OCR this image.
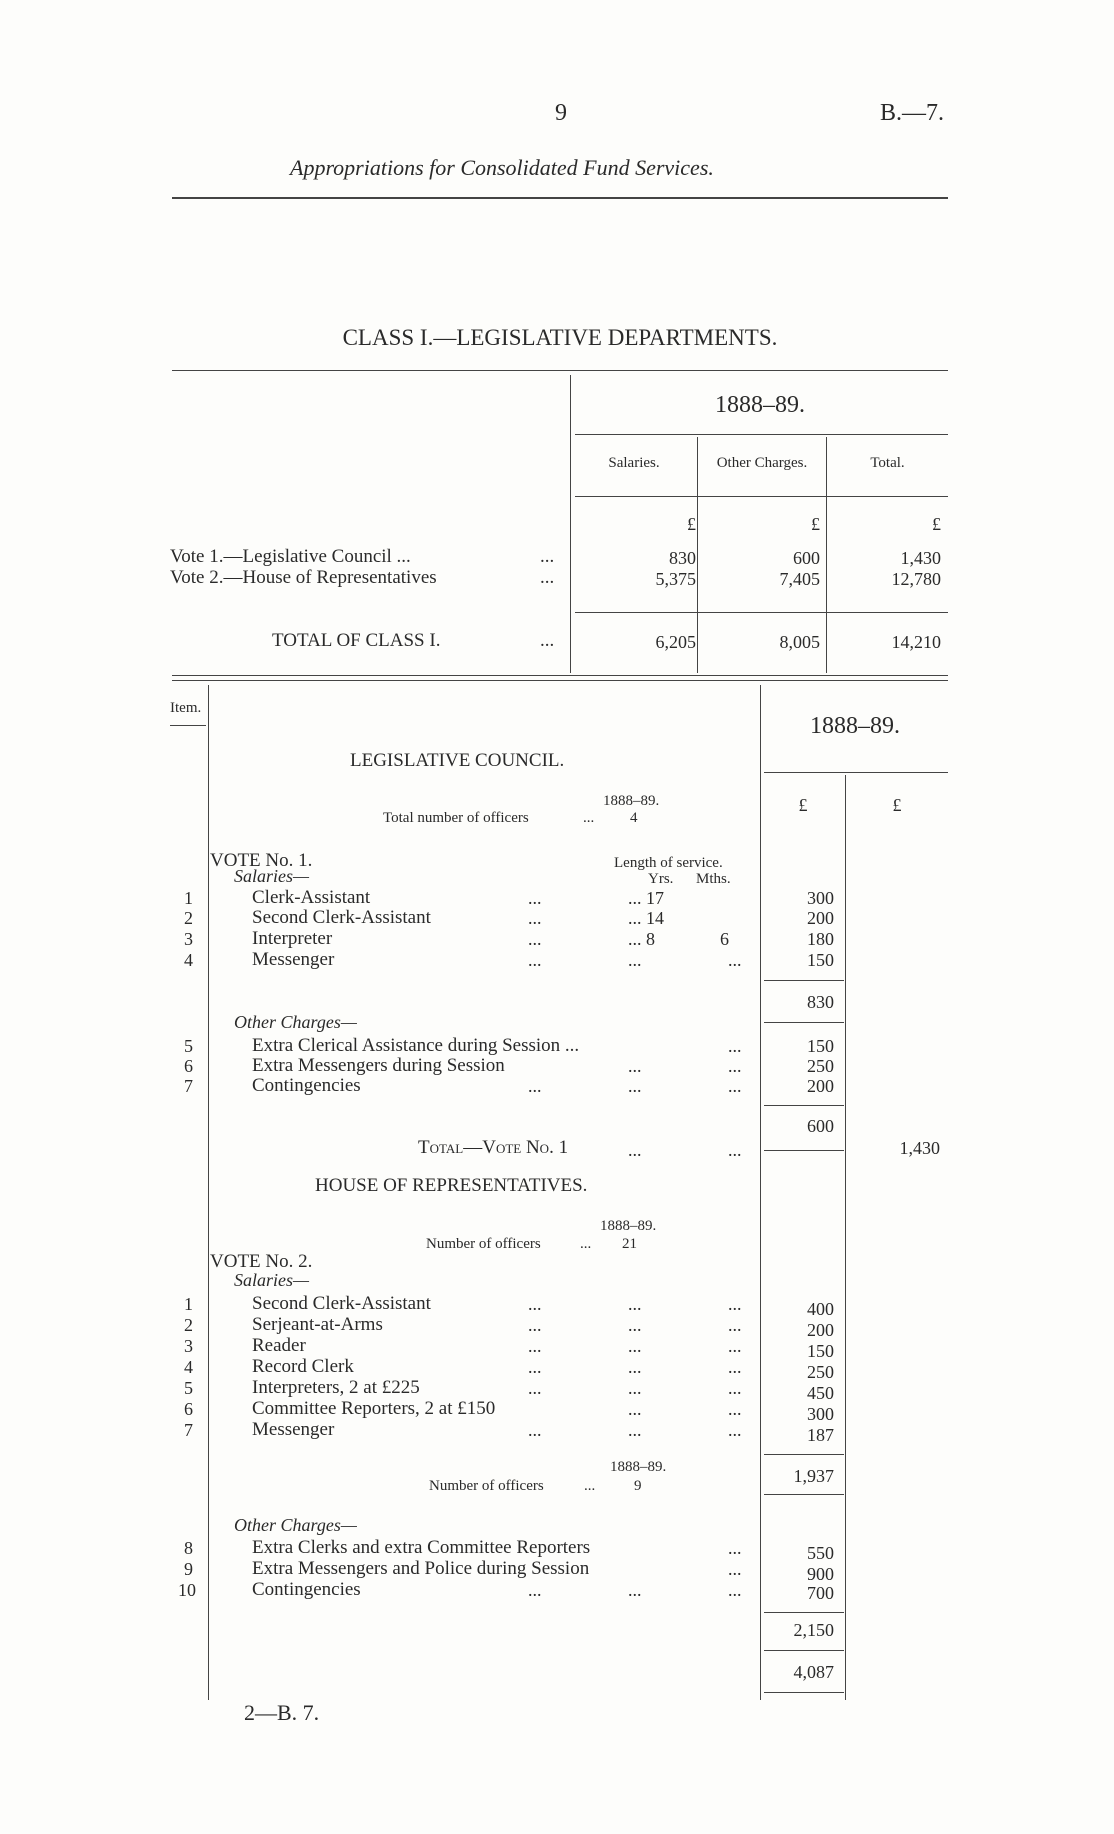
9	B.—7.
Appropriations for Consolidated Fund Services.
CLASS I.—LEGISLATIVE DEPARTMENTS.
1888–89.
Salaries.	Other Charges.	Total.
£	£	£
Vote 1.—Legislative Council ...	...	830	600	1,430
Vote 2.—House of Representatives	...	5,375	7,405	12,780
TOTAL OF CLASS I.	...	6,205	8,005	14,210
Item.
1888–89.
£	£
LEGISLATIVE COUNCIL.
1888–89.
Total number of officers	... 4
VOTE No. 1.	Length of service.
Salaries—	Yrs. Mths.
1	Clerk-Assistant	...	... 17	300
2	Second Clerk-Assistant	...	... 14	200
3	Interpreter	...	... 8	6	180
4	Messenger	...	...	...	150
830
Other Charges—
5	Extra Clerical Assistance during Session ...	...	150
6	Extra Messengers during Session	...	...	250
7	Contingencies	...	...	...	200
600
Total—Vote No. 1	...	...	1,430
HOUSE OF REPRESENTATIVES.
1888–89.
Number of officers	... 21
VOTE No. 2.
Salaries—
1	Second Clerk-Assistant	...	...	...	400
2	Serjeant-at-Arms	...	...	...	200
3	Reader	...	...	...	150
4	Record Clerk	...	...	...	250
5	Interpreters, 2 at £225	...	...	...	450
6	Committee Reporters, 2 at £150	...	...	300
7	Messenger	...	...	...	187
1,937
1888–89.
Number of officers	...	9
Other Charges—
8	Extra Clerks and extra Committee Reporters	...	550
9	Extra Messengers and Police during Session	...	900
10	Contingencies	...	...	...	700
2,150
4,087
2—B. 7.
